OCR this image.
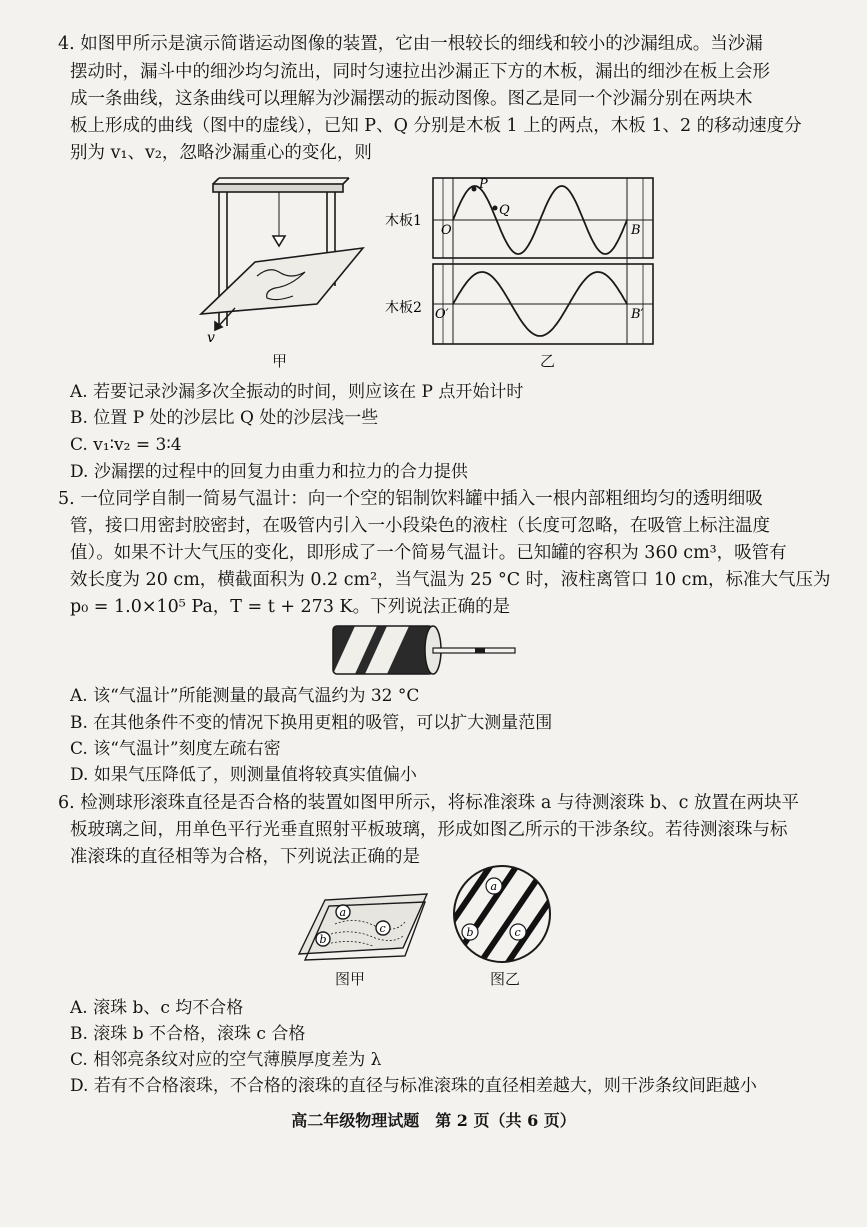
4. 如图甲所示是演示简谐运动图像的装置，它由一根较长的细线和较小的沙漏组成。当沙漏
摆动时，漏斗中的细沙均匀流出，同时匀速拉出沙漏正下方的木板，漏出的细沙在板上会形
成一条曲线，这条曲线可以理解为沙漏摆动的振动图像。图乙是同一个沙漏分别在两块木
板上形成的曲线（图中的虚线），已知 P、Q 分别是木板 1 上的两点，木板 1、2 的移动速度分
别为 v₁、v₂，忽略沙漏重心的变化，则
v
甲
木板1
木板2
P
Q
O	B
O′	B′
乙
A. 若要记录沙漏多次全振动的时间，则应该在 P 点开始计时
B. 位置 P 处的沙层比 Q 处的沙层浅一些
C. v₁∶v₂ = 3∶4
D. 沙漏摆的过程中的回复力由重力和拉力的合力提供
5. 一位同学自制一简易气温计：向一个空的铝制饮料罐中插入一根内部粗细均匀的透明细吸
管，接口用密封胶密封，在吸管内引入一小段染色的液柱（长度可忽略，在吸管上标注温度
值）。如果不计大气压的变化，即形成了一个简易气温计。已知罐的容积为 360 cm³，吸管有
效长度为 20 cm，横截面积为 0.2 cm²，当气温为 25 °C 时，液柱离管口 10 cm，标准大气压为
p₀ = 1.0×10⁵ Pa，T = t + 273 K。下列说法正确的是
A. 该“气温计”所能测量的最高气温约为 32 °C
B. 在其他条件不变的情况下换用更粗的吸管，可以扩大测量范围
C. 该“气温计”刻度左疏右密
D. 如果气压降低了，则测量值将较真实值偏小
6. 检测球形滚珠直径是否合格的装置如图甲所示，将标准滚珠 a 与待测滚珠 b、c 放置在两块平
板玻璃之间，用单色平行光垂直照射平板玻璃，形成如图乙所示的干涉条纹。若待测滚珠与标
准滚珠的直径相等为合格，下列说法正确的是
a
b
c
图甲
a
b	c
图乙
A. 滚珠 b、c 均不合格
B. 滚珠 b 不合格，滚珠 c 合格
C. 相邻亮条纹对应的空气薄膜厚度差为 λ
D. 若有不合格滚珠，不合格的滚珠的直径与标准滚珠的直径相差越大，则干涉条纹间距越小
高二年级物理试题　第 2 页（共 6 页）
